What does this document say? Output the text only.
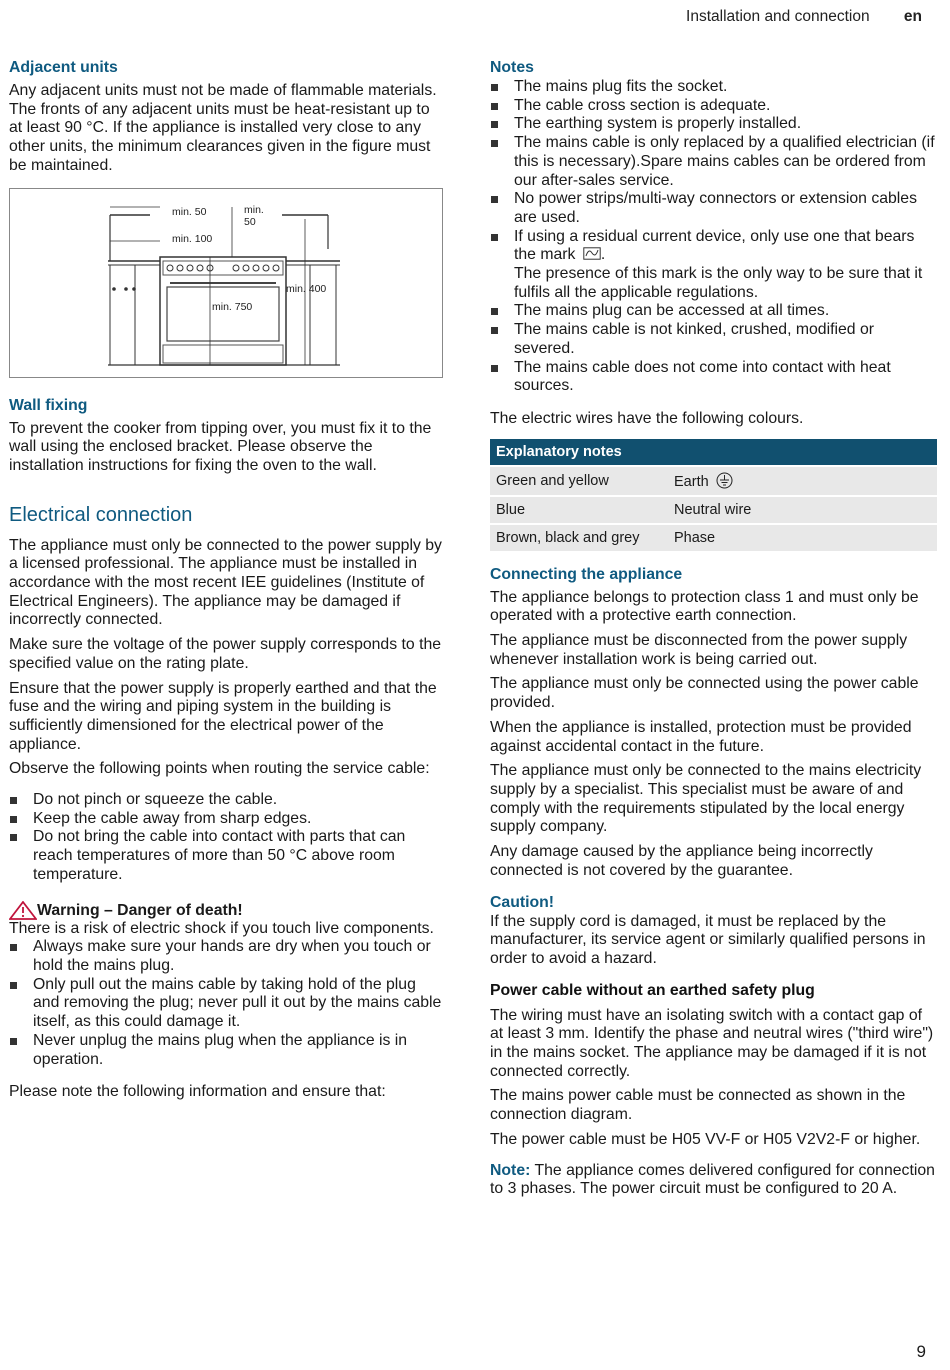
Installation and connection en
Adjacent units

Any adjacent units must not be made of flammable materials. The fronts of any adjacent units must be heat-resistant up to at least 90 °C. If the appliance is installed very close to any other units, the minimum clearances given in the figure must be maintained.

min. 50
min. 100
min.
50
min. 750
min. 400
Wall fixing

To prevent the cooker from tipping over, you must fix it to the wall using the enclosed bracket. Please observe the installation instructions for fixing the oven to the wall.

Electrical connection

The appliance must only be connected to the power supply by a licensed professional. The appliance must be installed in accordance with the most recent IEE guidelines (Institute of Electrical Engineers). The appliance may be damaged if incorrectly connected.

Make sure the voltage of the power supply corresponds to the specified value on the rating plate.

Ensure that the power supply is properly earthed and that the fuse and the wiring and piping system in the building is sufficiently dimensioned for the electrical power of the appliance.

Observe the following points when routing the service cable:

Do not pinch or squeeze the cable.
Keep the cable away from sharp edges.
Do not bring the cable into contact with parts that can reach temperatures of more than 50 °C above room temperature.
Warning – Danger of death!

There is a risk of electric shock if you touch live components.

Always make sure your hands are dry when you touch or hold the mains plug.
Only pull out the mains cable by taking hold of the plug and removing the plug; never pull it out by the mains cable itself, as this could damage it.
Never unplug the mains plug when the appliance is in operation.

Please note the following information and ensure that:

Notes
The mains plug fits the socket.
The cable cross section is adequate.
The earthing system is properly installed.
The mains cable is only replaced by a qualified electrician (if this is necessary).Spare mains cables can be ordered from our after-sales service.
No power strips/multi-way connectors or extension cables are used.
If using a residual current device, only use one that bears the mark .
The presence of this mark is the only way to be sure that it fulfils all the applicable regulations.
The mains plug can be accessed at all times.
The mains cable is not kinked, crushed, modified or severed.
The mains cable does not come into contact with heat sources.

The electric wires have the following colours.

Explanatory notes	
Green and yellow	Earth
Blue	Neutral wire
Brown, black and grey	Phase
Connecting the appliance

The appliance belongs to protection class 1 and must only be operated with a protective earth connection.

The appliance must be disconnected from the power supply whenever installation work is being carried out.

The appliance must only be connected using the power cable provided.

When the appliance is installed, protection must be provided against accidental contact in the future.

The appliance must only be connected to the mains electricity supply by a specialist. This specialist must be aware of and comply with the requirements stipulated by the local energy supply company.

Any damage caused by the appliance being incorrectly connected is not covered by the guarantee.

Caution!

If the supply cord is damaged, it must be replaced by the manufacturer, its service agent or similarly qualified persons in order to avoid a hazard.

Power cable without an earthed safety plug

The wiring must have an isolating switch with a contact gap of at least 3 mm. Identify the phase and neutral wires ("third wire") in the mains socket. The appliance may be damaged if it is not connected correctly.

The mains power cable must be connected as shown in the connection diagram.

The power cable must be H05 VV-F or H05 V2V2-F or higher.

Note: The appliance comes delivered configured for connection to 3 phases. The power circuit must be configured to 20 A.

9
